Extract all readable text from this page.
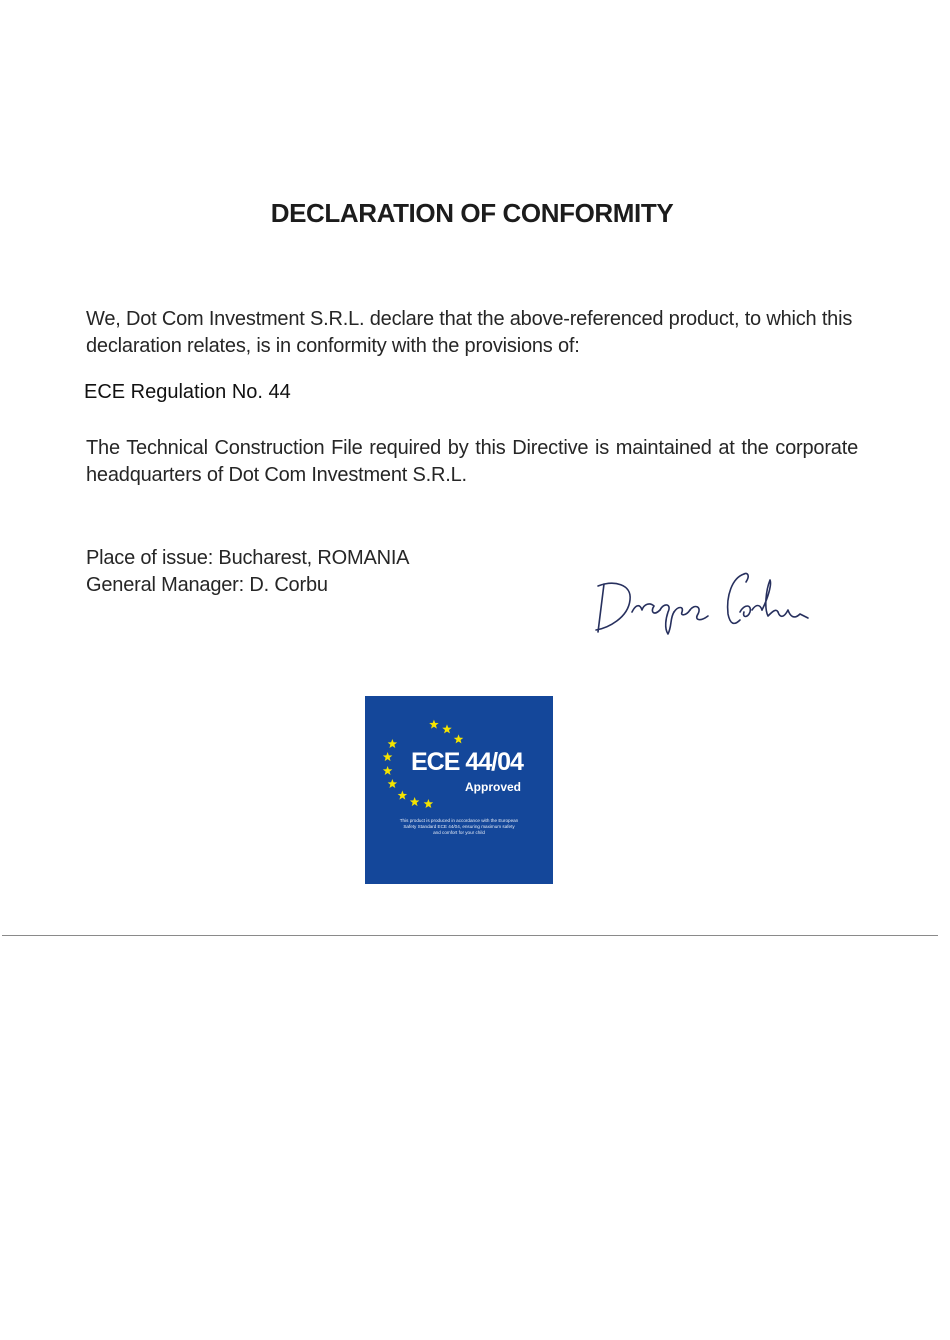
DECLARATION OF CONFORMITY
We, Dot Com Investment S.R.L. declare that the above-referenced product, to which this declaration relates, is in conformity with the provisions of:
ECE Regulation No. 44
The Technical Construction File required by this Directive is maintained at the corporate headquarters of Dot Com Investment S.R.L.
Place of issue: Bucharest, ROMANIA
General Manager: D. Corbu
ECE 44/04
Approved
This product is produced in accordance with the European Safety Standard ECE 44/04, ensuring maximum safety and comfort for your child
